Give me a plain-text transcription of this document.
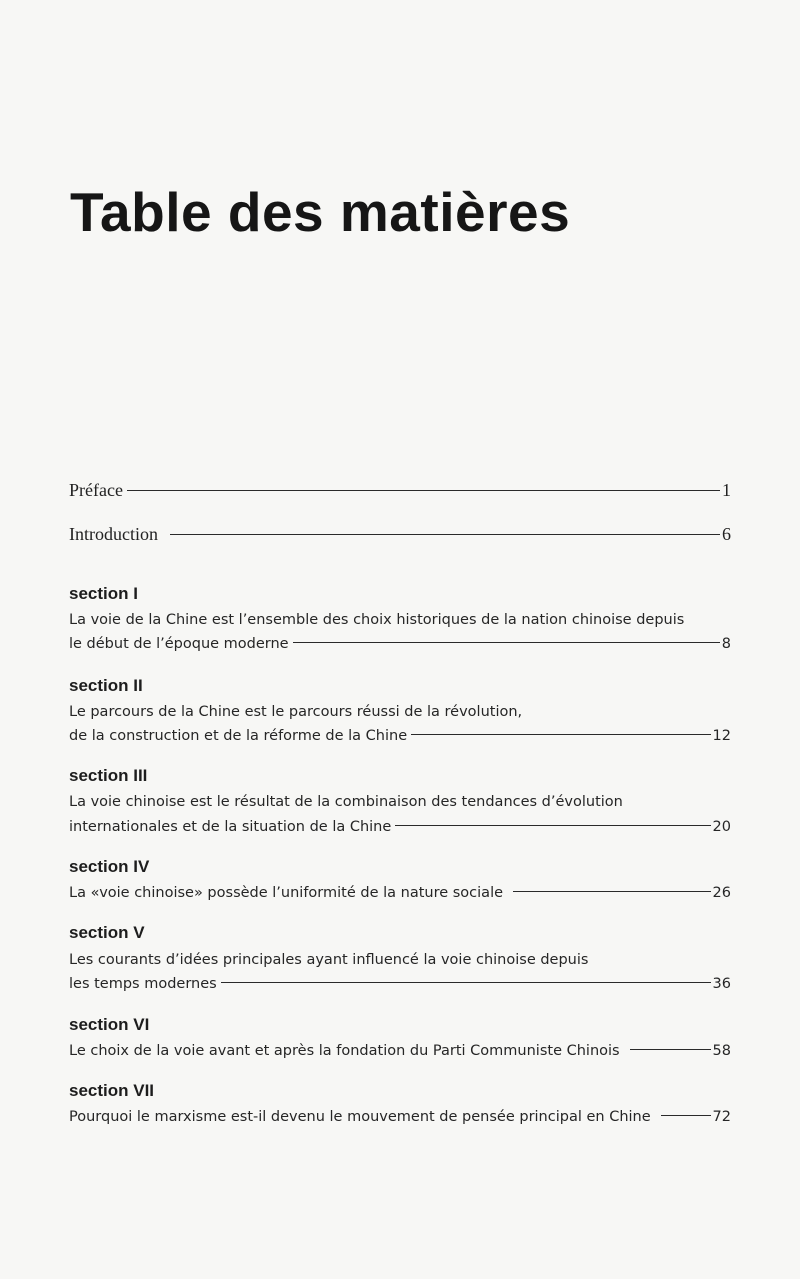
Table des matières
Préface	1
Introduction	6
section I
La voie de la Chine est l’ensemble des choix historiques de la nation chinoise depuis
le début de l’époque moderne	8
section II
Le parcours de la Chine est le parcours réussi de la révolution,
de la construction et de la réforme de la Chine	12
section III
La voie chinoise est le résultat de la combinaison des tendances d’évolution
internationales et de la situation de la Chine	20
section IV
La «voie chinoise» possède l’uniformité de la nature sociale	26
section V
Les courants d’idées principales ayant influencé la voie chinoise depuis
les temps modernes	36
section VI
Le choix de la voie avant et après la fondation du Parti Communiste Chinois	58
section VII
Pourquoi le marxisme est-il devenu le mouvement de pensée principal en Chine	72
